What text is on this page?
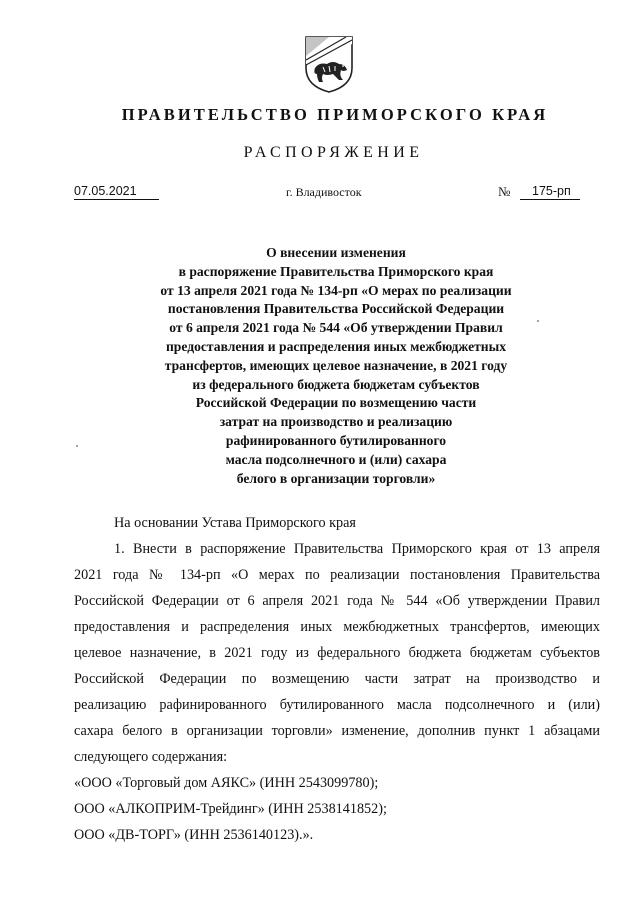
ПРАВИТЕЛЬСТВО ПРИМОРСКОГО КРАЯ
РАСПОРЯЖЕНИЕ
07.05.2021	г. Владивосток	№	175-рп
О внесении изменения
в распоряжение Правительства Приморского края
от 13 апреля 2021 года № 134-рп «О мерах по реализации
постановления Правительства Российской Федерации
от 6 апреля 2021 года № 544 «Об утверждении Правил
предоставления и распределения иных межбюджетных
трансфертов, имеющих целевое назначение, в 2021 году
из федерального бюджета бюджетам субъектов
Российской Федерации по возмещению части
затрат на производство и реализацию
рафинированного бутилированного
масла подсолнечного и (или) сахара
белого в организации торговли»

На основании Устава Приморского края

1. Внести в распоряжение Правительства Приморского края от 13 апреля

2021 года № 134-рп «О мерах по реализации постановления Правительства

Российской Федерации от 6 апреля 2021 года № 544 «Об утверждении Правил

предоставления и распределения иных межбюджетных трансфертов, имеющих

целевое назначение, в 2021 году из федерального бюджета бюджетам субъектов

Российской Федерации по возмещению части затрат на производство и

реализацию рафинированного бутилированного масла подсолнечного и (или)

сахара белого в организации торговли» изменение, дополнив пункт 1 абзацами

следующего содержания:

«ООО «Торговый дом АЯКС» (ИНН 2543099780);

ООО «АЛКОПРИМ-Трейдинг» (ИНН 2538141852);

ООО «ДВ-ТОРГ» (ИНН 2536140123).».
